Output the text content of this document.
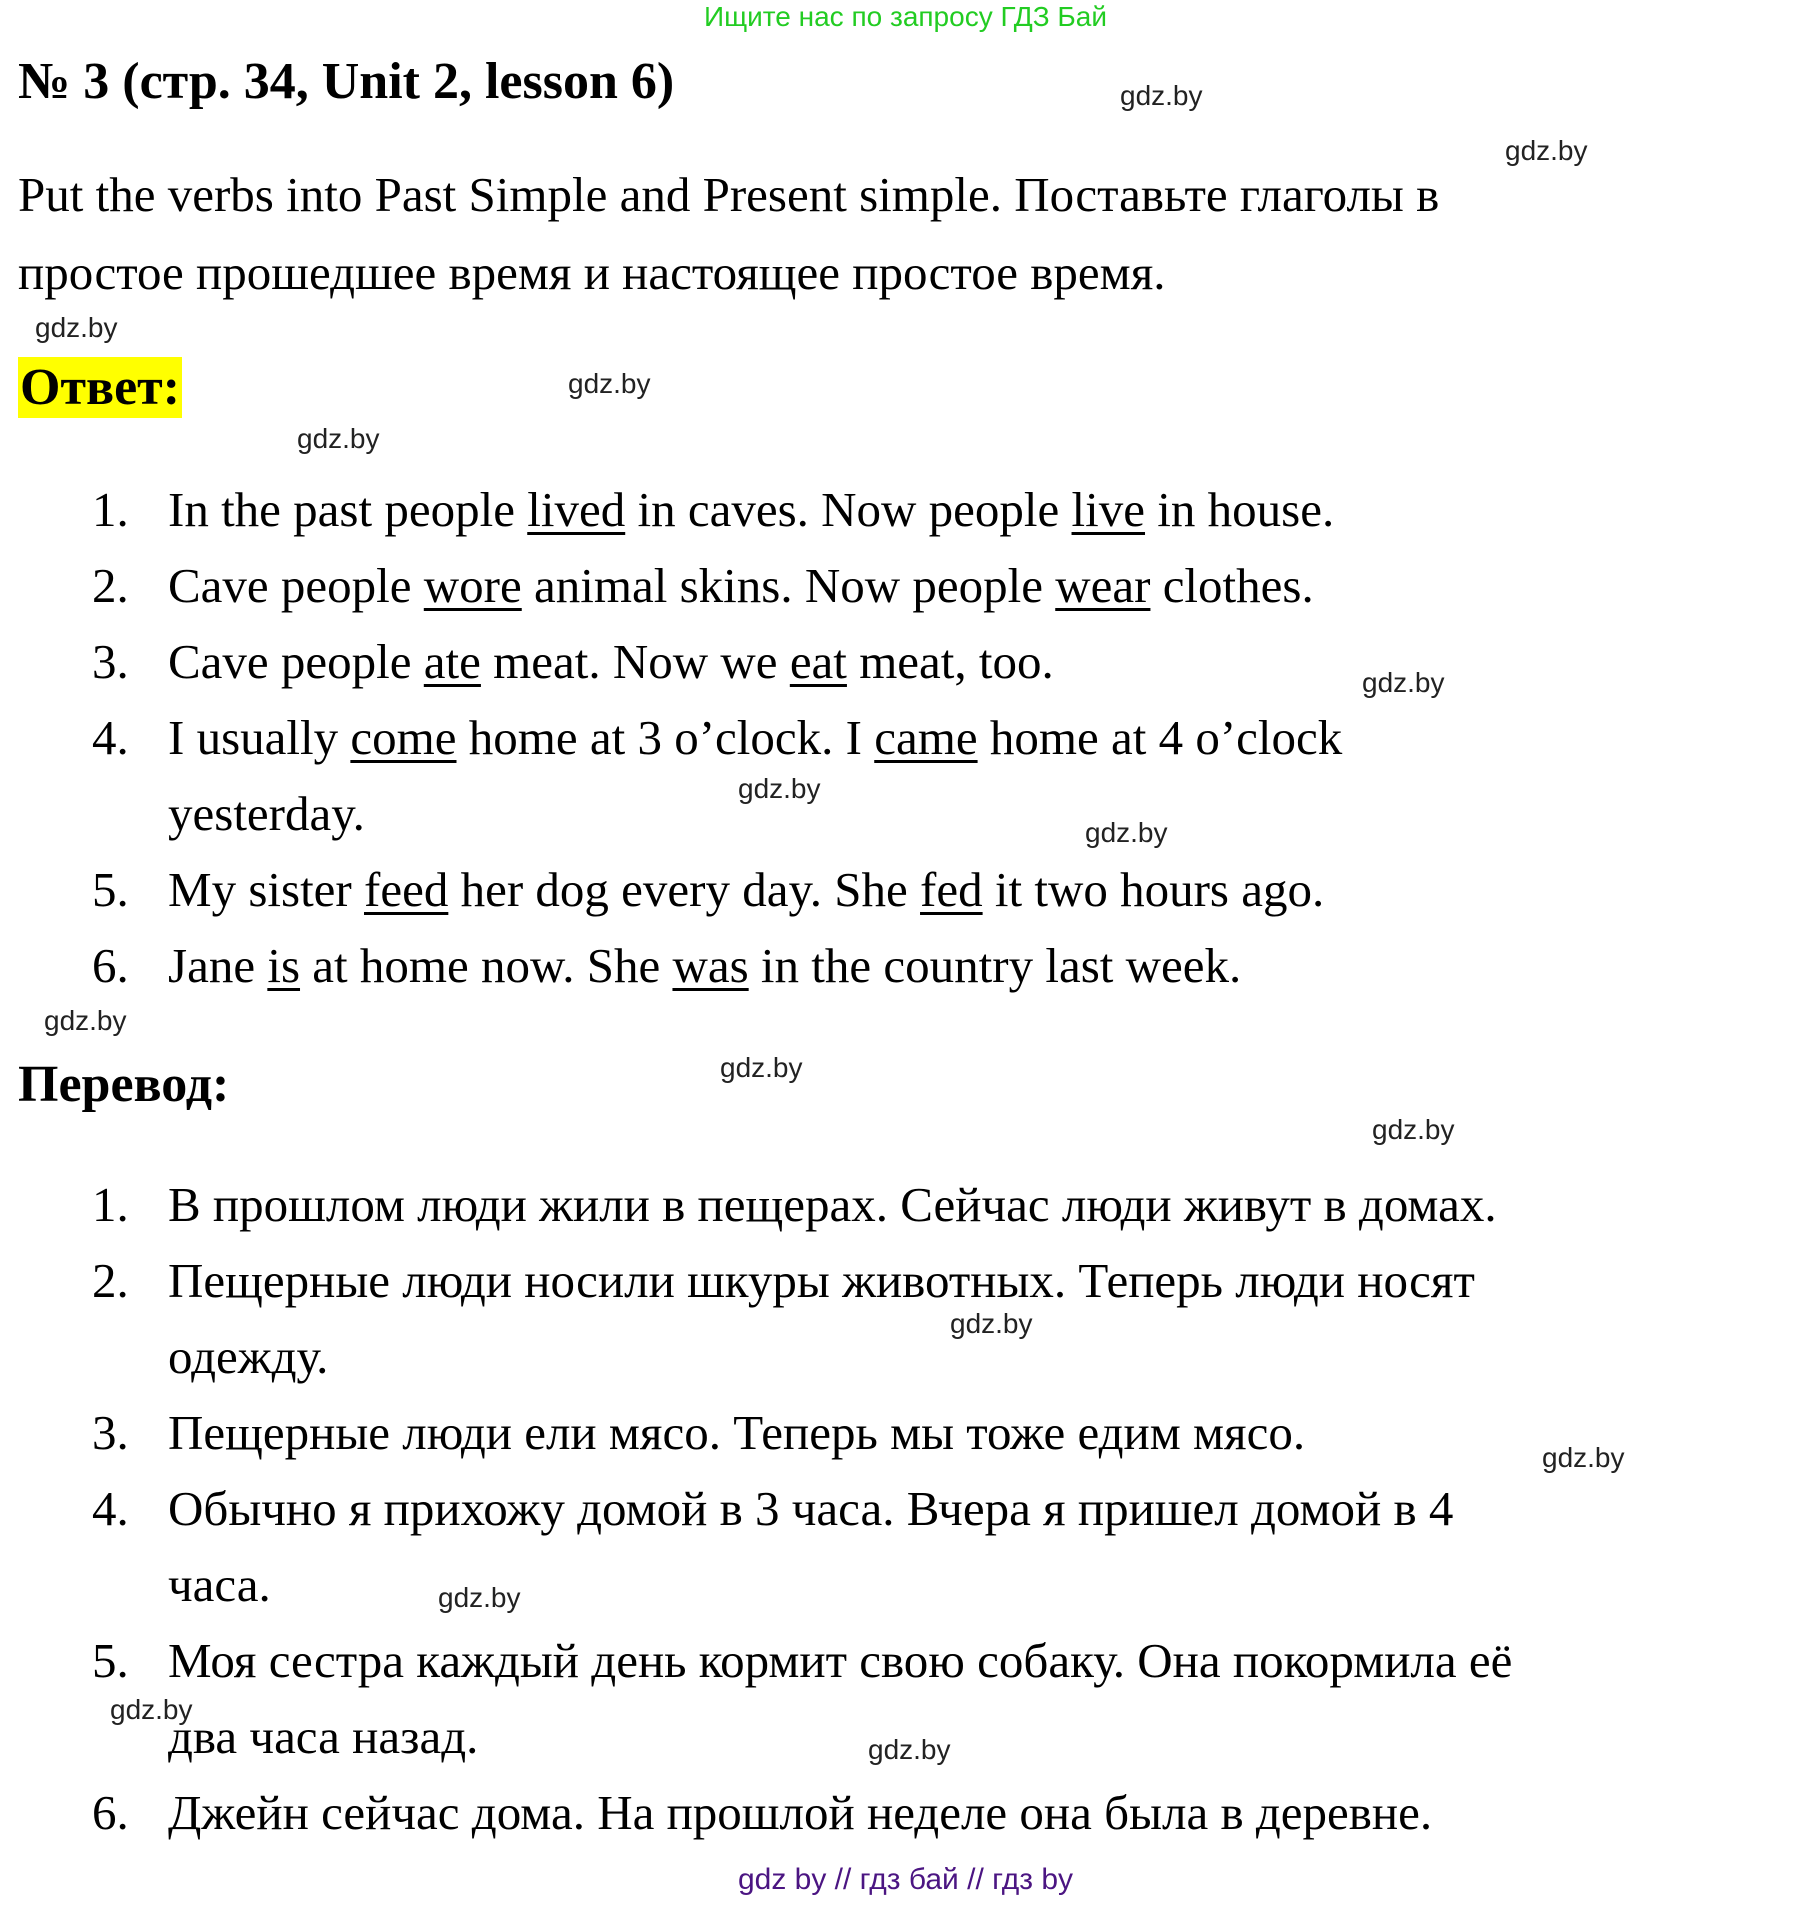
Ищите нас по запросу ГДЗ Бай
№ 3 (стр. 34, Unit 2, lesson 6)
Put the verbs into Past Simple and Present simple. Поставьте глаголы в
простое прошедшее время и настоящее простое время.
Ответ:
1. In the past people lived in caves. Now people live in house.
2. Cave people wore animal skins. Now people wear clothes.
3. Cave people ate meat. Now we eat meat, too.
4. I usually come home at 3 o’clock. I came home at 4 o’clock
yesterday.
5. My sister feed her dog every day. She fed it two hours ago.
6. Jane is at home now. She was in the country last week.
Перевод:
1. В прошлом люди жили в пещерах. Сейчас люди живут в домах.
2. Пещерные люди носили шкуры животных. Теперь люди носят
одежду.
3. Пещерные люди ели мясо. Теперь мы тоже едим мясо.
4. Обычно я прихожу домой в 3 часа. Вчера я пришел домой в 4
часа.
5. Моя сестра каждый день кормит свою собаку. Она покормила её
два часа назад.
6. Джейн сейчас дома. На прошлой неделе она была в деревне.
gdz.by
gdz.by
gdz.by
gdz.by
gdz.by
gdz.by
gdz.by
gdz.by
gdz.by
gdz.by
gdz.by
gdz.by
gdz.by
gdz.by
gdz.by
gdz.by
gdz by // гдз бай // гдз by
